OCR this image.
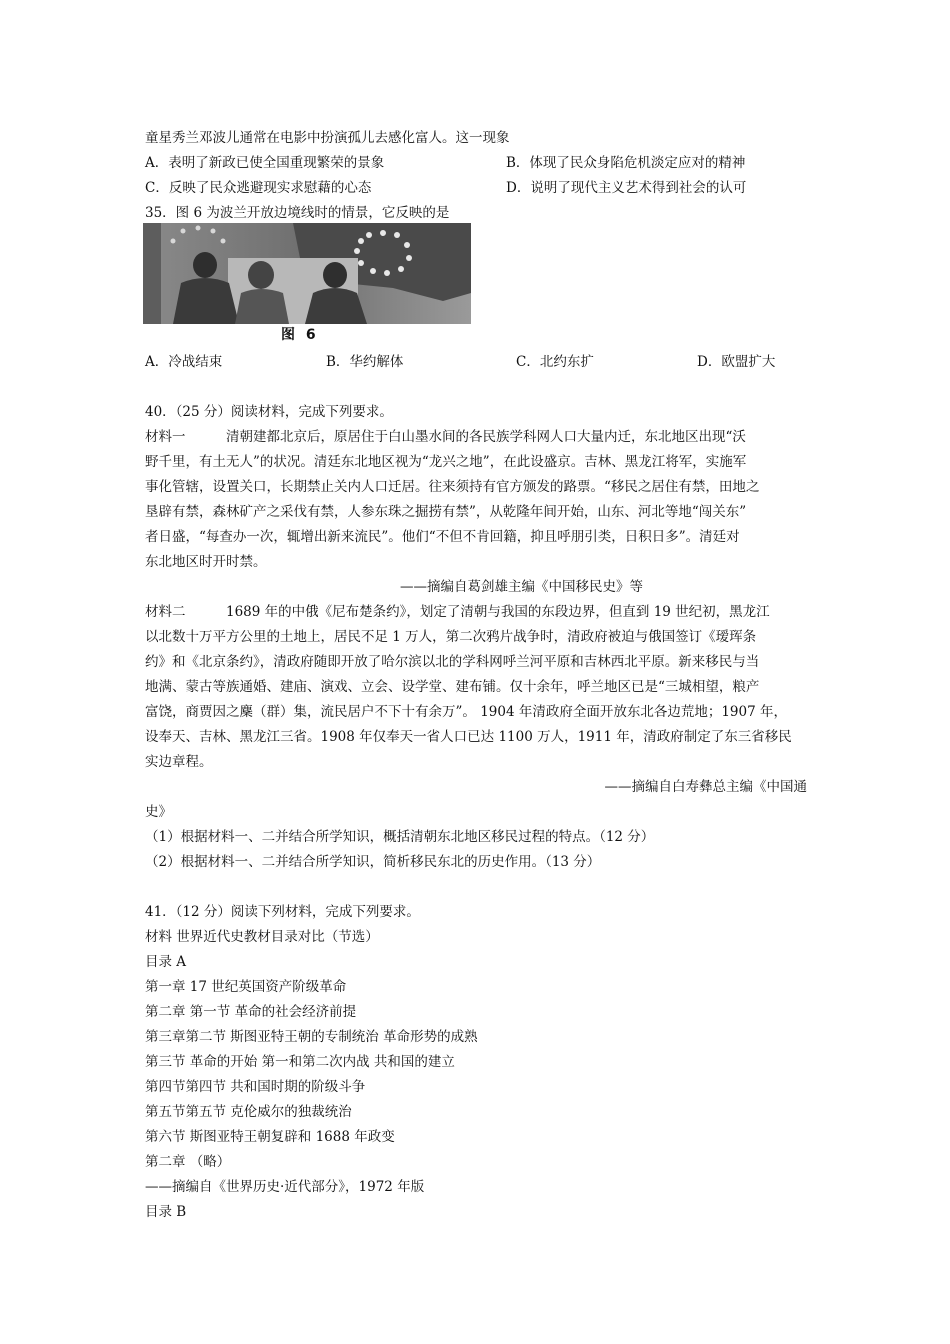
童星秀兰邓波儿通常在电影中扮演孤儿去感化富人。这一现象
A．表明了新政已使全国重现繁荣的景象	B．体现了民众身陷危机淡定应对的精神
C．反映了民众逃避现实求慰藉的心态	D．说明了现代主义艺术得到社会的认可
35．图 6 为波兰开放边境线时的情景，它反映的是
图 6
A．冷战结束	B．华约解体	C．北约东扩	D．欧盟扩大
40．（25 分）阅读材料，完成下列要求。
材料一　　　清朝建都北京后，原居住于白山墨水间的各民族学科网人口大量内迁，东北地区出现“沃
野千里，有土无人”的状况。清廷东北地区视为“龙兴之地”，在此设盛京。吉林、黑龙江将军，实施军
事化管辖，设置关口，长期禁止关内人口迁居。往来须持有官方颁发的路票。“移民之居住有禁，田地之
垦辟有禁，森林矿产之采伐有禁，人参东珠之掘捞有禁”，从乾隆年间开始，山东、河北等地“闯关东”
者日盛，“每查办一次，辄增出新来流民”。他们“不但不肯回籍，抑且呼朋引类，日积日多”。清廷对
东北地区时开时禁。
——摘编自葛剑雄主编《中国移民史》等
材料二　　　1689 年的中俄《尼布楚条约》，划定了清朝与我国的东段边界，但直到 19 世纪初，黑龙江
以北数十万平方公里的土地上，居民不足 1 万人，第二次鸦片战争时，清政府被迫与俄国签订《瑷珲条
约》和《北京条约》，清政府随即开放了哈尔滨以北的学科网呼兰河平原和吉林西北平原。新来移民与当
地满、蒙古等族通婚、建庙、演戏、立会、设学堂、建布铺。仅十余年，呼兰地区已是“三城相望，粮产
富饶，商贾因之麇（群）集，流民居户不下十有余万”。 1904 年清政府全面开放东北各边荒地；1907 年，
设奉天、吉林、黑龙江三省。1908 年仅奉天一省人口已达 1100 万人，1911 年，清政府制定了东三省移民
实边章程。
——摘编自白寿彝总主编《中国通
史》
（1）根据材料一、二并结合所学知识，概括清朝东北地区移民过程的特点。（12 分）
（2）根据材料一、二并结合所学知识，简析移民东北的历史作用。（13 分）
41．（12 分）阅读下列材料，完成下列要求。
材料 世界近代史教材目录对比（节选）
目录 A
第一章 17 世纪英国资产阶级革命
第二章 第一节 革命的社会经济前提
第三章第二节 斯图亚特王朝的专制统治 革命形势的成熟
第三节 革命的开始 第一和第二次内战 共和国的建立
第四节第四节 共和国时期的阶级斗争
第五节第五节 克伦威尔的独裁统治
第六节 斯图亚特王朝复辟和 1688 年政变
第二章 （略）
——摘编自《世界历史·近代部分》，1972 年版
目录 B
